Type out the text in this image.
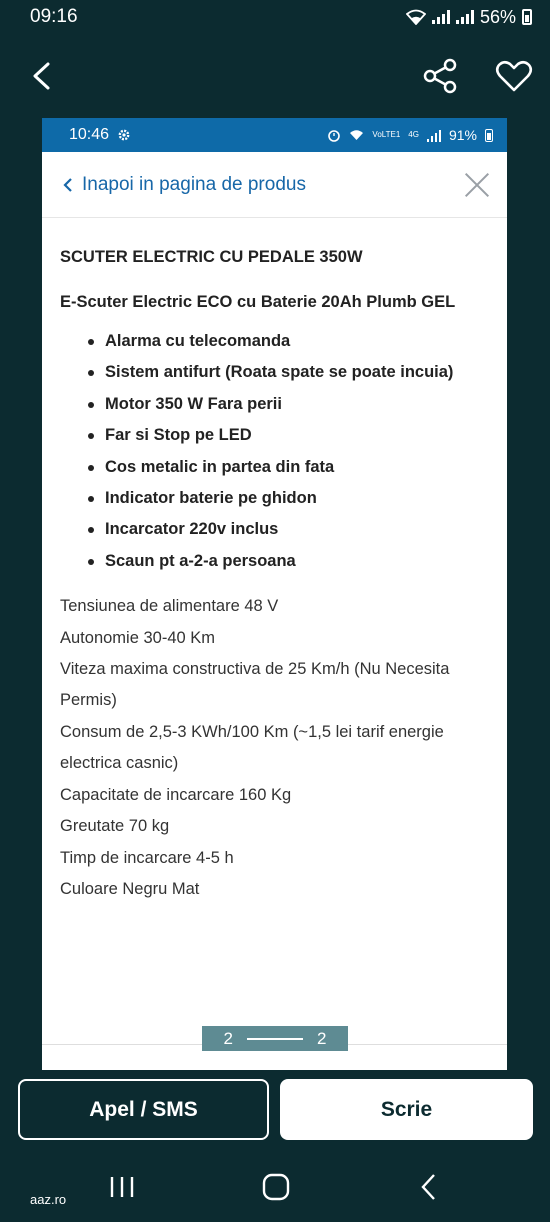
09:16	56%
10:46	VoLTE1 4G 91%
Inapoi in pagina de produs
SCUTER ELECTRIC CU PEDALE 350W
E-Scuter Electric ECO cu Baterie 20Ah Plumb GEL
Alarma cu telecomanda
Sistem antifurt (Roata spate se poate incuia)
Motor 350 W Fara perii
Far si Stop pe LED
Cos metalic in partea din fata
Indicator baterie pe ghidon
Incarcator 220v inclus
Scaun pt a-2-a persoana

Tensiunea de alimentare 48 V

Autonomie 30-40 Km

Viteza maxima constructiva de 25 Km/h (Nu Necesita Permis)

Consum de 2,5-3 KWh/100 Km (~1,5 lei tarif energie electrica casnic)

Capacitate de incarcare 160 Kg

Greutate 70 kg

Timp de incarcare 4-5 h

Culoare Negru Mat

2	2
Apel / SMS	Scrie
aaz.ro
